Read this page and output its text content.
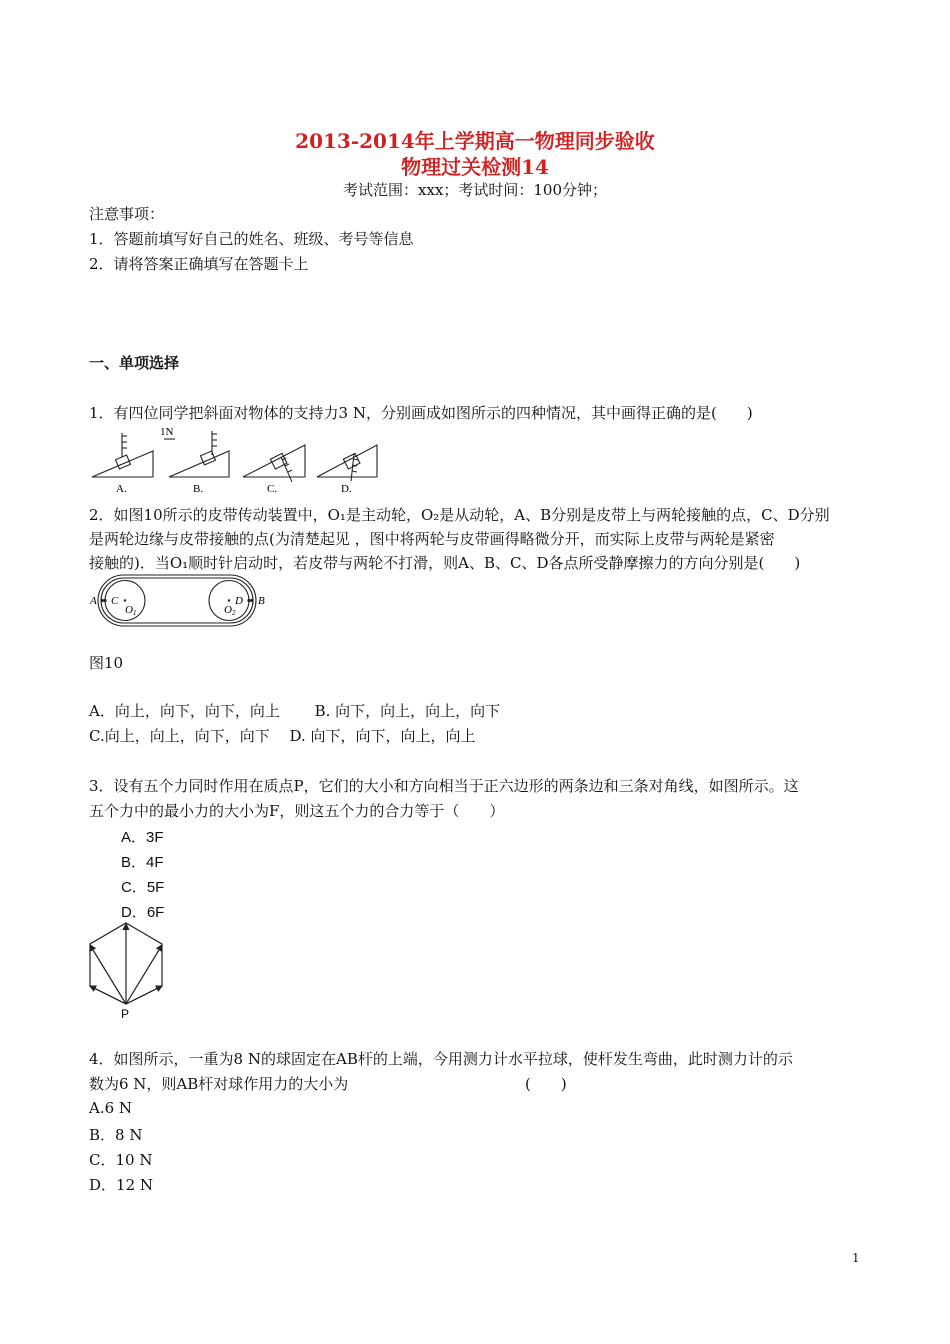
2013-2014年上学期高一物理同步验收
物理过关检测14
考试范围：xxx；考试时间：100分钟；
注意事项：
1．答题前填写好自己的姓名、班级、考号等信息
2．请将答案正确填写在答题卡上
一、单项选择
1．有四位同学把斜面对物体的支持力3 N，分别画成如图所示的四种情况，其中画得正确的是(　　)
1N
A.	B.	C.	D.
2．如图10所示的皮带传动装置中，O₁是主动轮，O₂是从动轮，A、B分别是皮带上与两轮接触的点，C、D分别
是两轮边缘与皮带接触的点(为清楚起见 ，图中将两轮与皮带画得略微分开，而实际上皮带与两轮是紧密
接触的)．当O₁顺时针启动时，若皮带与两轮不打滑，则A、B、C、D各点所受静摩擦力的方向分别是(　　)
A C
O 1
D B
O 2
图10
A．向上，向下，向下，向上　　 B. 向下，向上，向上，向下
C.向上，向上，向下，向下　 D. 向下，向下，向上，向上
3．设有五个力同时作用在质点P，它们的大小和方向相当于正六边形的两条边和三条对角线，如图所示。这
五个力中的最小力的大小为F，则这五个力的合力等于（　　）
A．3F
B．4F
C．5F
D．6F
P
4．如图所示，一重为8 N的球固定在AB杆的上端，今用测力计水平拉球，使杆发生弯曲，此时测力计的示
数为6 N，则AB杆对球作用力的大小为	(　　)
A.6 N
B．8 N
C．10 N
D．12 N
1
